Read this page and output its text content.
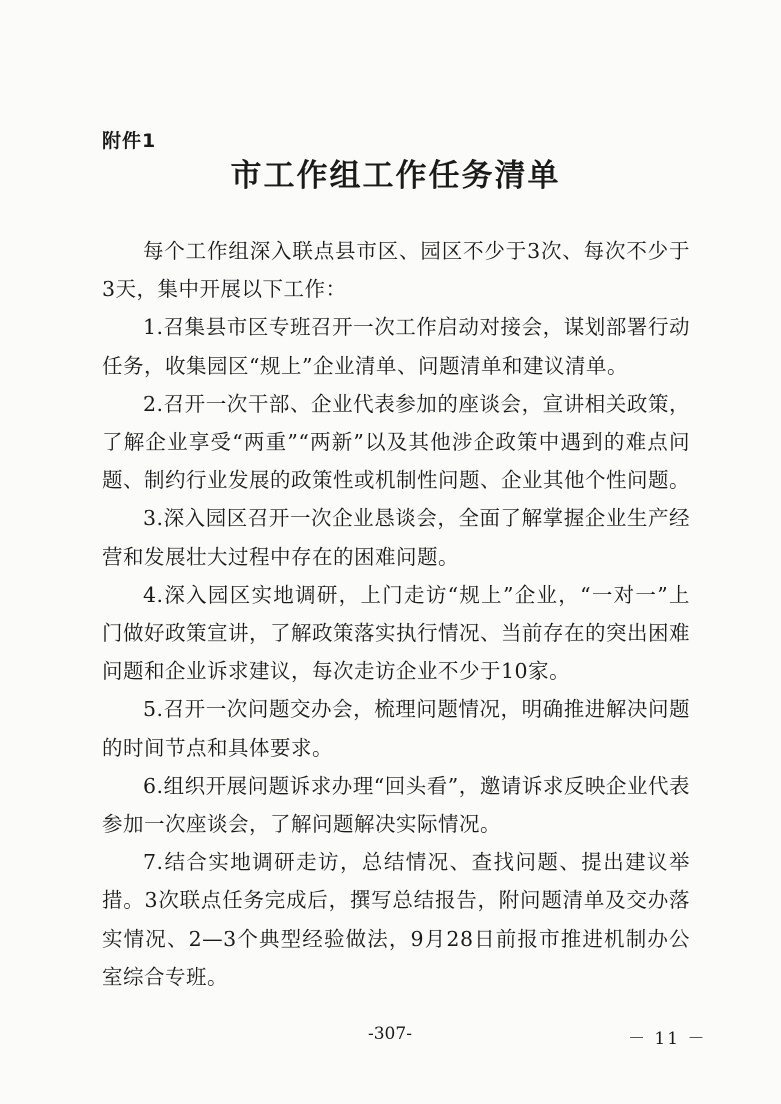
附件1
市工作组工作任务清单

每个工作组深入联点县市区、园区不少于3次、每次不少于3天，集中开展以下工作：

1.召集县市区专班召开一次工作启动对接会，谋划部署行动任务，收集园区“规上”企业清单、问题清单和建议清单。

2.召开一次干部、企业代表参加的座谈会，宣讲相关政策，了解企业享受“两重”“两新”以及其他涉企政策中遇到的难点问题、制约行业发展的政策性或机制性问题、企业其他个性问题。

3.深入园区召开一次企业恳谈会，全面了解掌握企业生产经营和发展壮大过程中存在的困难问题。

4.深入园区实地调研，上门走访“规上”企业，“一对一”上门做好政策宣讲，了解政策落实执行情况、当前存在的突出困难问题和企业诉求建议，每次走访企业不少于10家。

5.召开一次问题交办会，梳理问题情况，明确推进解决问题的时间节点和具体要求。

6.组织开展问题诉求办理“回头看”，邀请诉求反映企业代表参加一次座谈会，了解问题解决实际情况。

7.结合实地调研走访，总结情况、查找问题、提出建议举措。3次联点任务完成后，撰写总结报告，附问题清单及交办落实情况、2—3个典型经验做法，9月28日前报市推进机制办公室综合专班。

-307-	－ 11 －
